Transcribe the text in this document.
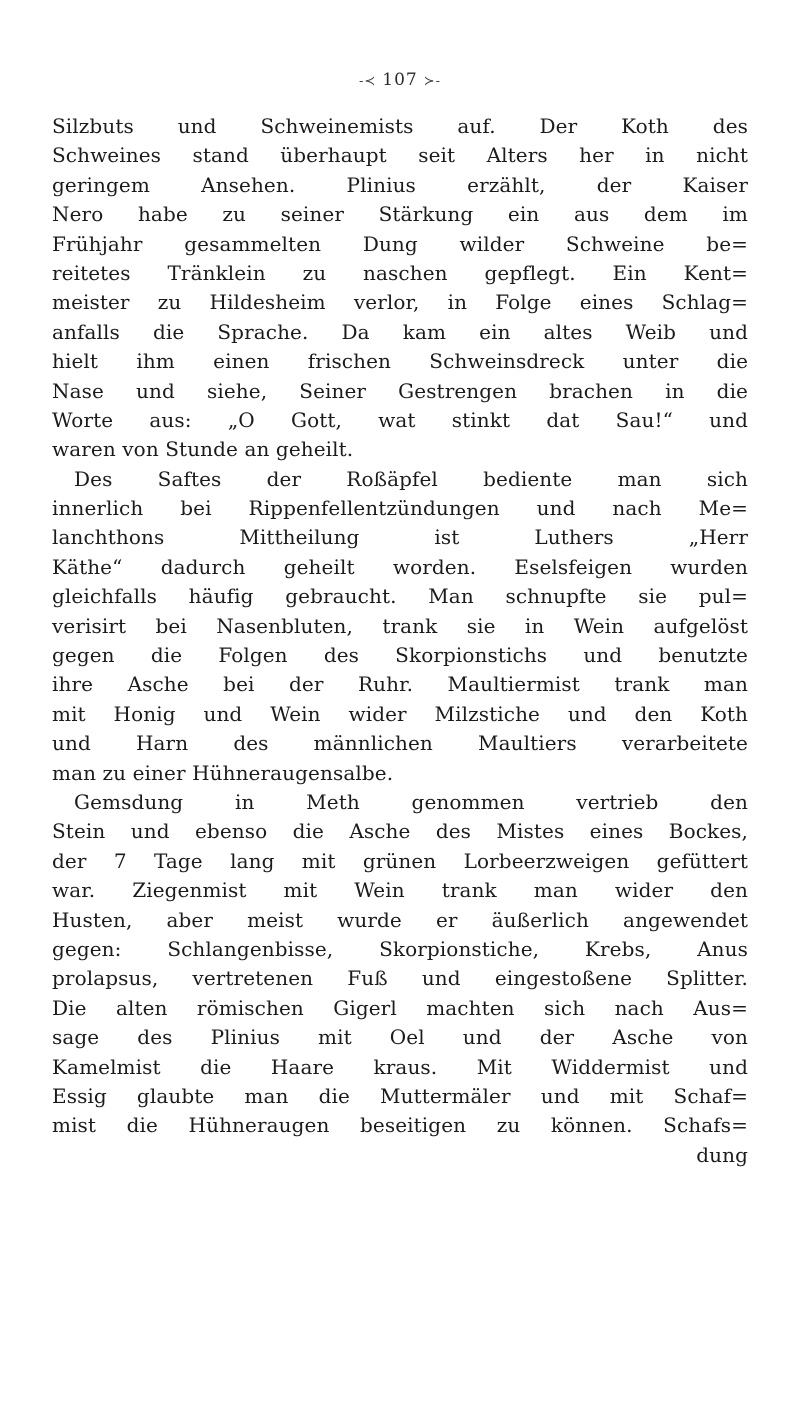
-≺ 107 ≻-
Silzbuts und Schweinemists auf. Der Koth des
Schweines stand überhaupt seit Alters her in nicht
geringem Ansehen. Plinius erzählt, der Kaiser
Nero habe zu seiner Stärkung ein aus dem im
Frühjahr gesammelten Dung wilder Schweine be=
reitetes Tränklein zu naschen gepflegt. Ein Kent=
meister zu Hildesheim verlor, in Folge eines Schlag=
anfalls die Sprache. Da kam ein altes Weib und
hielt ihm einen frischen Schweinsdreck unter die
Nase und siehe, Seiner Gestrengen brachen in die
Worte aus: „O Gott, wat stinkt dat Sau!“ und
waren von Stunde an geheilt.
Des Saftes der Roßäpfel bediente man sich
innerlich bei Rippenfellentzündungen und nach Me=
lanchthons Mittheilung ist Luthers „Herr
Käthe“ dadurch geheilt worden. Eselsfeigen wurden
gleichfalls häufig gebraucht. Man schnupfte sie pul=
verisirt bei Nasenbluten, trank sie in Wein aufgelöst
gegen die Folgen des Skorpionstichs und benutzte
ihre Asche bei der Ruhr. Maultiermist trank man
mit Honig und Wein wider Milzstiche und den Koth
und Harn des männlichen Maultiers verarbeitete
man zu einer Hühneraugensalbe.
Gemsdung in Meth genommen vertrieb den
Stein und ebenso die Asche des Mistes eines Bockes,
der 7 Tage lang mit grünen Lorbeerzweigen gefüttert
war. Ziegenmist mit Wein trank man wider den
Husten, aber meist wurde er äußerlich angewendet
gegen: Schlangenbisse, Skorpionstiche, Krebs, Anus
prolapsus, vertretenen Fuß und eingestoßene Splitter.
Die alten römischen Gigerl machten sich nach Aus=
sage des Plinius mit Oel und der Asche von
Kamelmist die Haare kraus. Mit Widdermist und
Essig glaubte man die Muttermäler und mit Schaf=
mist die Hühneraugen beseitigen zu können. Schafs=
dung
